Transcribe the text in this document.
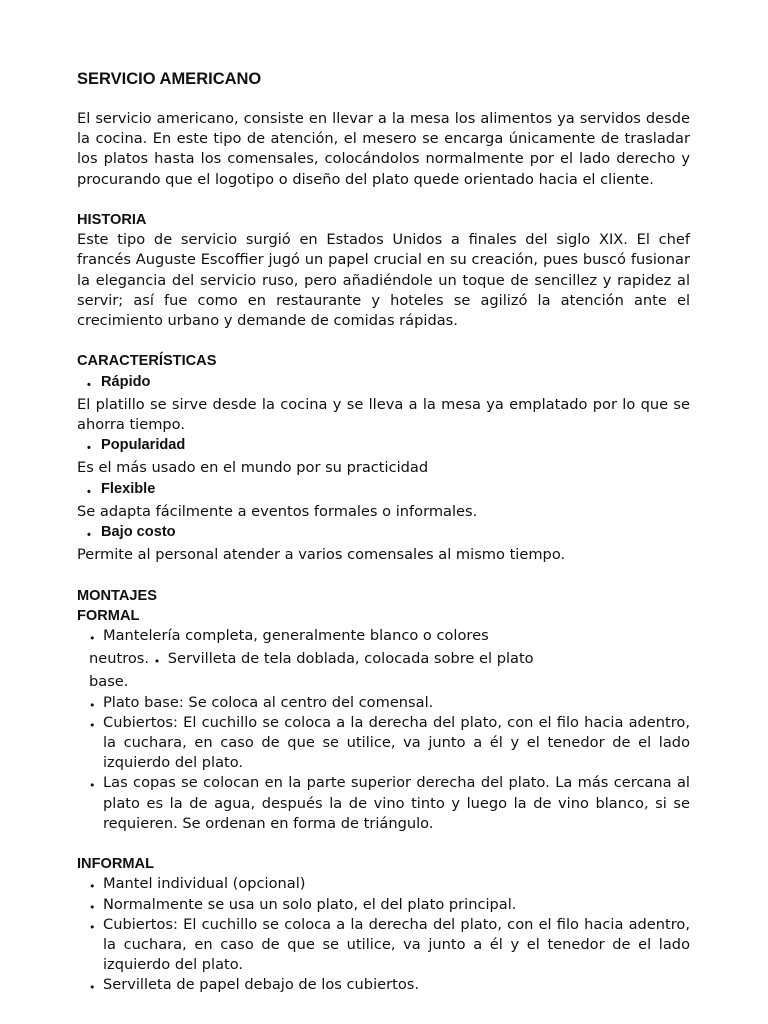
SERVICIO AMERICANO

El servicio americano, consiste en llevar a la mesa los alimentos ya servidos desde la cocina. En este tipo de atención, el mesero se encarga únicamente de trasladar los platos hasta los comensales, colocándolos normalmente por el lado derecho y procurando que el logotipo o diseño del plato quede orientado hacia el cliente.

HISTORIA

Este tipo de servicio surgió en Estados Unidos a finales del siglo XIX. El chef francés Auguste Escoffier jugó un papel crucial en su creación, pues buscó fusionar la elegancia del servicio ruso, pero añadiéndole un toque de sencillez y rapidez al servir; así fue como en restaurante y hoteles se agilizó la atención ante el crecimiento urbano y demande de comidas rápidas.

CARACTERÍSTICAS
• Rápido

El platillo se sirve desde la cocina y se lleva a la mesa ya emplatado por lo que se ahorra tiempo.

• Popularidad

Es el más usado en el mundo por su practicidad

• Flexible

Se adapta fácilmente a eventos formales o informales.

• Bajo costo

Permite al personal atender a varios comensales al mismo tiempo.

MONTAJES
FORMAL
• Mantelería completa, generalmente blanco o colores neutros. • Servilleta de tela doblada, colocada sobre el plato base.
• Plato base: Se coloca al centro del comensal.
• Cubiertos: El cuchillo se coloca a la derecha del plato, con el filo hacia adentro, la cuchara, en caso de que se utilice, va junto a él y el tenedor de el lado izquierdo del plato.
• Las copas se colocan en la parte superior derecha del plato. La más cercana al plato es la de agua, después la de vino tinto y luego la de vino blanco, si se requieren. Se ordenan en forma de triángulo.
INFORMAL
• Mantel individual (opcional)
• Normalmente se usa un solo plato, el del plato principal.
• Cubiertos: El cuchillo se coloca a la derecha del plato, con el filo hacia adentro, la cuchara, en caso de que se utilice, va junto a él y el tenedor de el lado izquierdo del plato.
• Servilleta de papel debajo de los cubiertos.
